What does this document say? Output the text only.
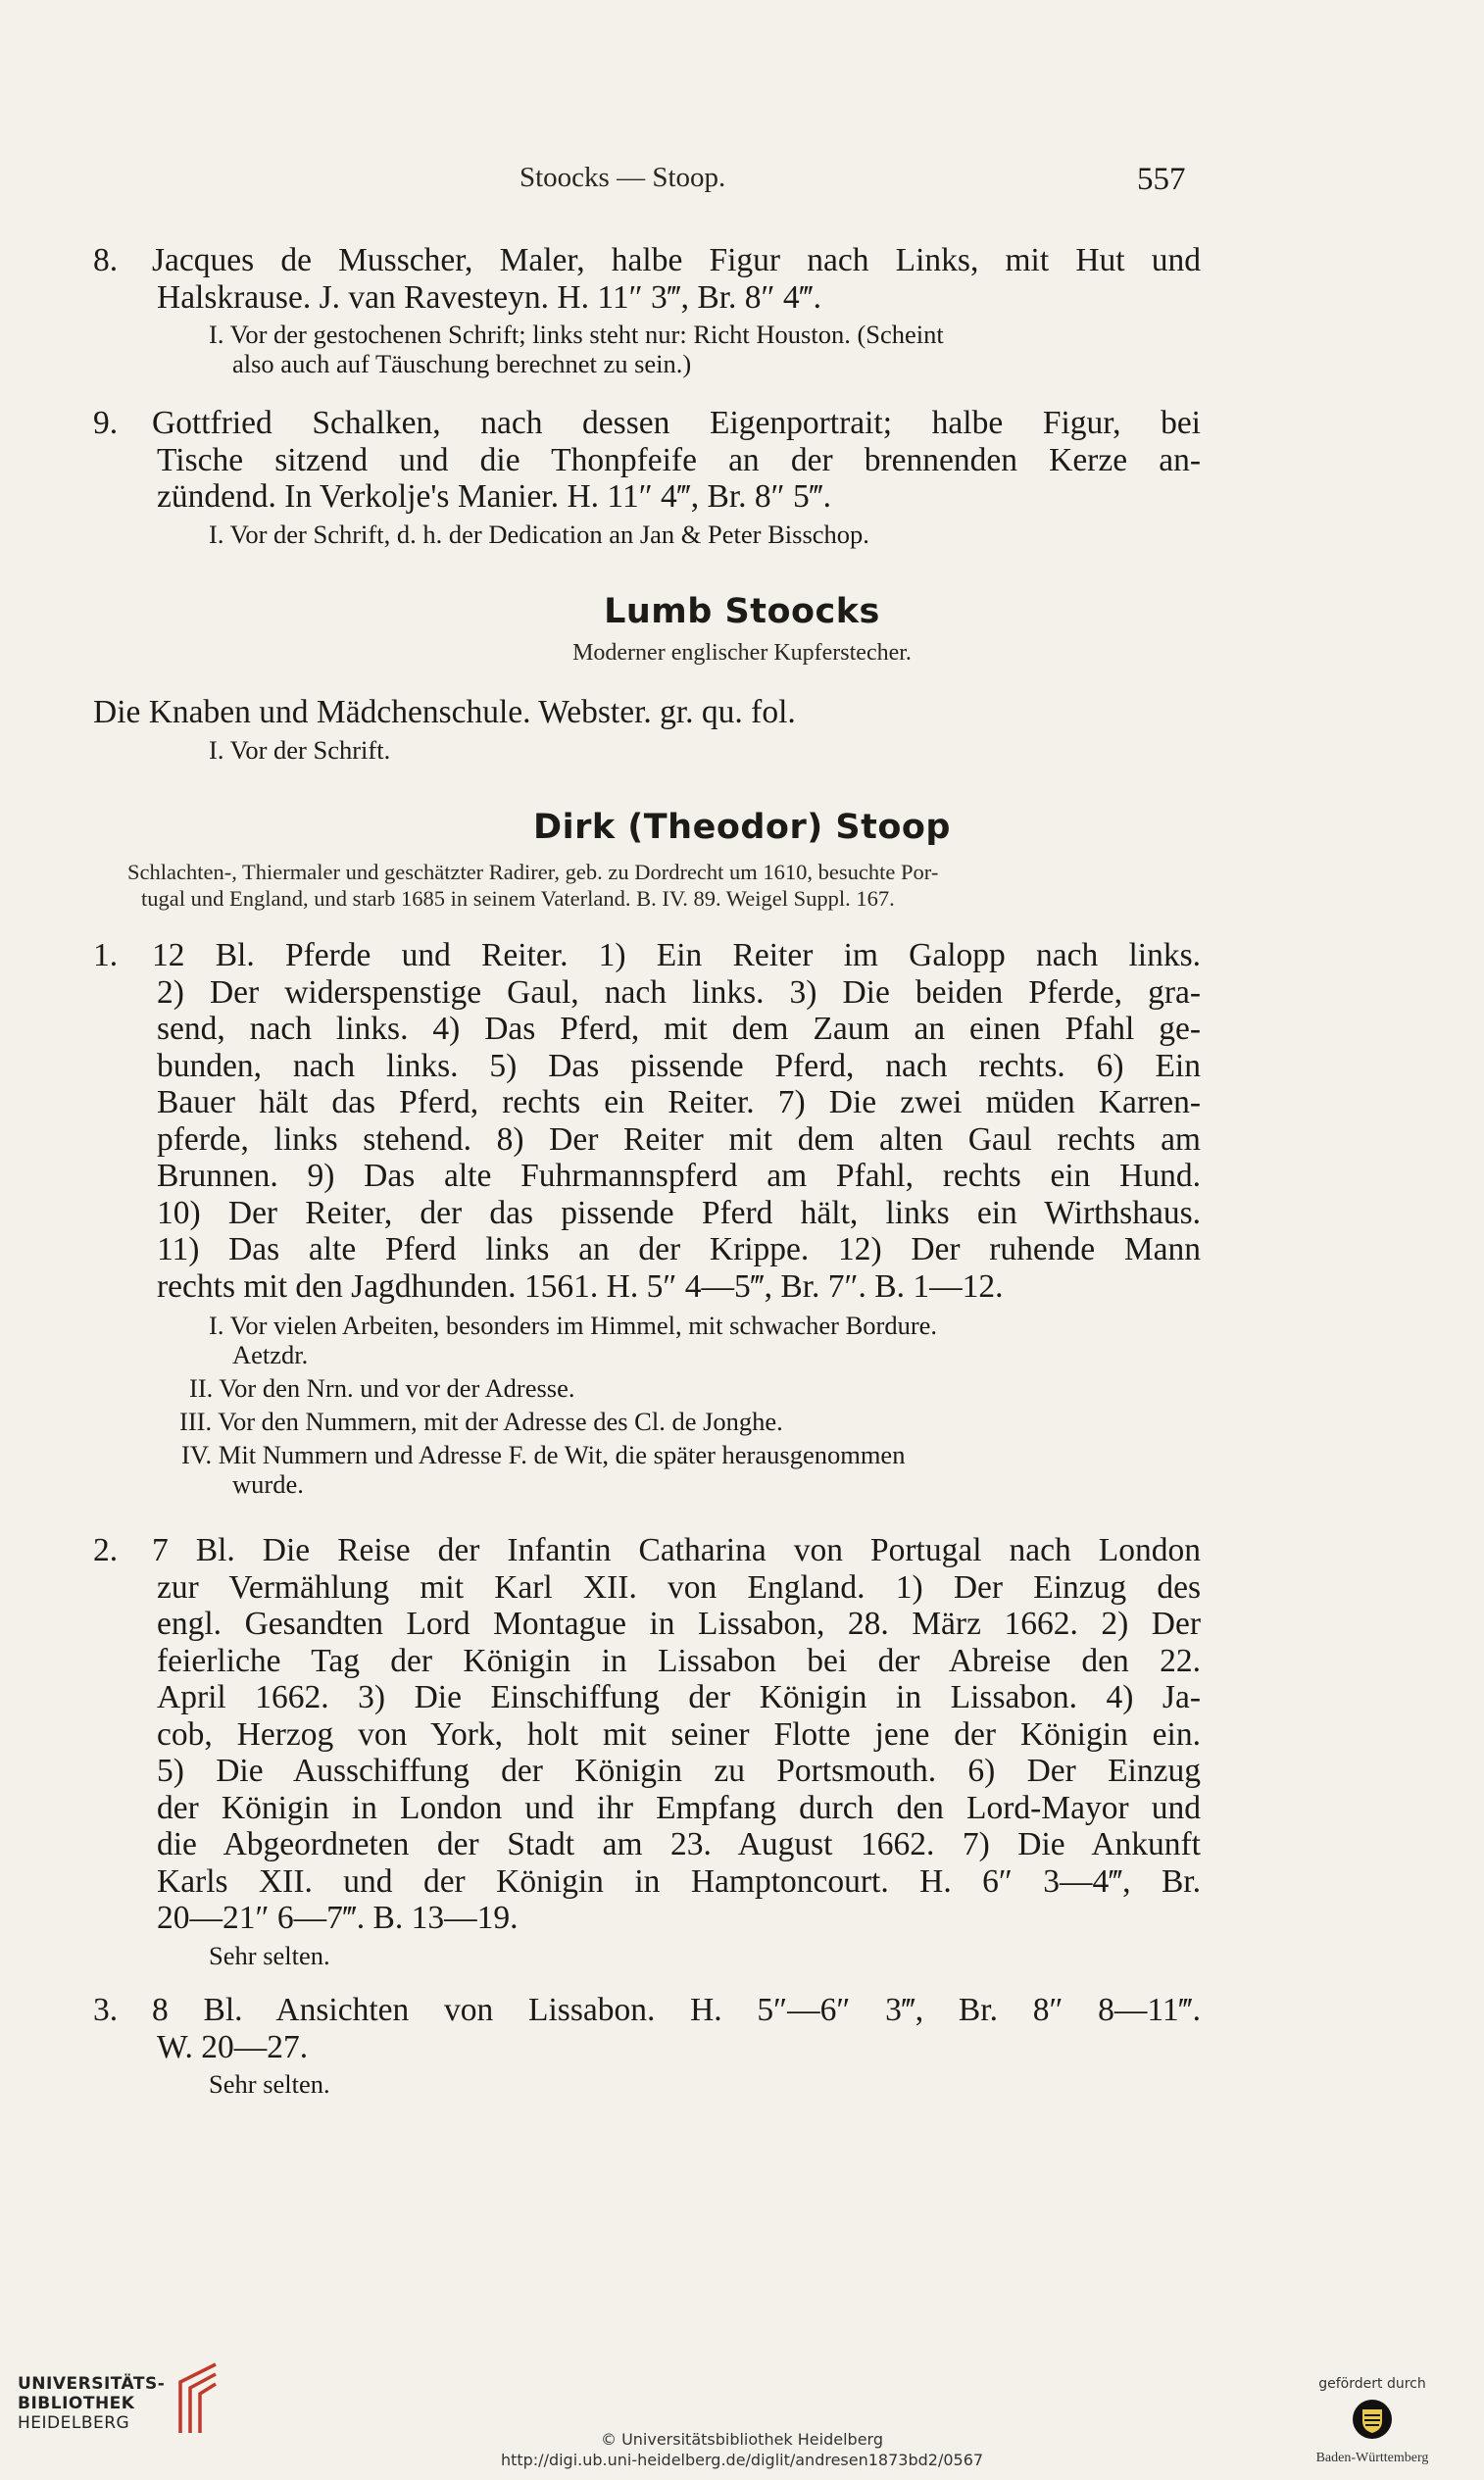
Stoocks — Stoop.	557
8. Jacques de Musscher, Maler, halbe Figur nach Links, mit Hut und
Halskrause. J. van Ravesteyn. H. 11″ 3‴, Br. 8″ 4‴.
I. Vor der gestochenen Schrift; links steht nur: Richt Houston. (Scheint
also auch auf Täuschung berechnet zu sein.)
9. Gottfried Schalken, nach dessen Eigenportrait; halbe Figur, bei
Tische sitzend und die Thonpfeife an der brennenden Kerze an-
zündend. In Verkolje's Manier. H. 11″ 4‴, Br. 8″ 5‴.
I. Vor der Schrift, d. h. der Dedication an Jan & Peter Bisschop.
Lumb Stoocks
Moderner englischer Kupferstecher.
Die Knaben und Mädchenschule. Webster. gr. qu. fol.
I. Vor der Schrift.
Dirk (Theodor) Stoop
Schlachten-, Thiermaler und geschätzter Radirer, geb. zu Dordrecht um 1610, besuchte Por-
tugal und England, und starb 1685 in seinem Vaterland. B. IV. 89. Weigel Suppl. 167.
1. 12 Bl. Pferde und Reiter. 1) Ein Reiter im Galopp nach links.
2) Der widerspenstige Gaul, nach links. 3) Die beiden Pferde, gra-
send, nach links. 4) Das Pferd, mit dem Zaum an einen Pfahl ge-
bunden, nach links. 5) Das pissende Pferd, nach rechts. 6) Ein
Bauer hält das Pferd, rechts ein Reiter. 7) Die zwei müden Karren-
pferde, links stehend. 8) Der Reiter mit dem alten Gaul rechts am
Brunnen. 9) Das alte Fuhrmannspferd am Pfahl, rechts ein Hund.
10) Der Reiter, der das pissende Pferd hält, links ein Wirthshaus.
11) Das alte Pferd links an der Krippe. 12) Der ruhende Mann
rechts mit den Jagdhunden. 1561. H. 5″ 4—5‴, Br. 7″. B. 1—12.
I. Vor vielen Arbeiten, besonders im Himmel, mit schwacher Bordure.
Aetzdr.
II. Vor den Nrn. und vor der Adresse.
III. Vor den Nummern, mit der Adresse des Cl. de Jonghe.
IV. Mit Nummern und Adresse F. de Wit, die später herausgenommen
wurde.
2. 7 Bl. Die Reise der Infantin Catharina von Portugal nach London
zur Vermählung mit Karl XII. von England. 1) Der Einzug des
engl. Gesandten Lord Montague in Lissabon, 28. März 1662. 2) Der
feierliche Tag der Königin in Lissabon bei der Abreise den 22.
April 1662. 3) Die Einschiffung der Königin in Lissabon. 4) Ja-
cob, Herzog von York, holt mit seiner Flotte jene der Königin ein.
5) Die Ausschiffung der Königin zu Portsmouth. 6) Der Einzug
der Königin in London und ihr Empfang durch den Lord-Mayor und
die Abgeordneten der Stadt am 23. August 1662. 7) Die Ankunft
Karls XII. und der Königin in Hamptoncourt. H. 6″ 3—4‴, Br.
20—21″ 6—7‴. B. 13—19.
Sehr selten.
3. 8 Bl. Ansichten von Lissabon. H. 5″—6″ 3‴, Br. 8″ 8—11‴.
W. 20—27.
Sehr selten.
UNIVERSITÄTS-
BIBLIOTHEK
HEIDELBERG
© Universitätsbibliothek Heidelberg
http://digi.ub.uni-heidelberg.de/diglit/andresen1873bd2/0567
gefördert durch
Baden-Württemberg
